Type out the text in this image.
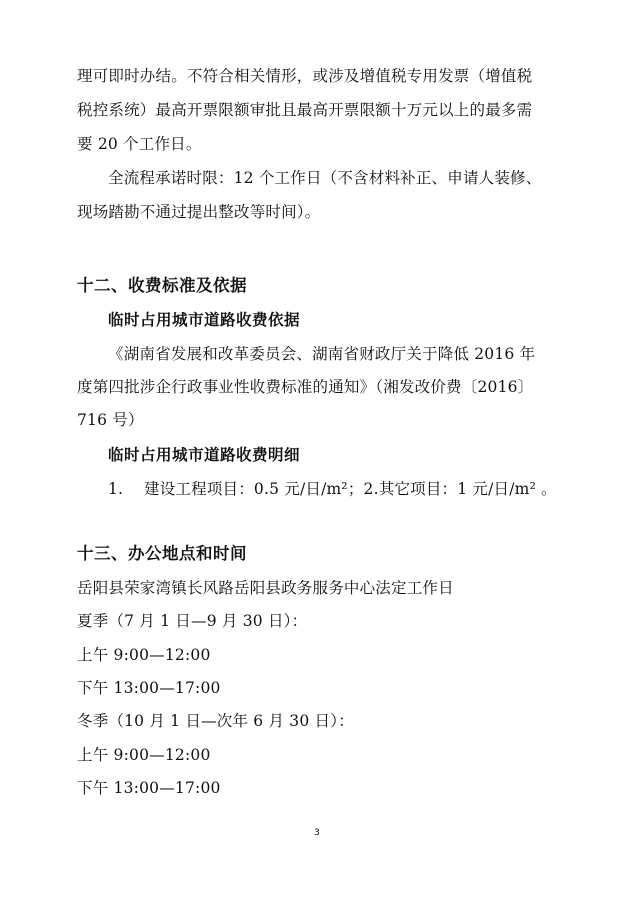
理可即时办结。不符合相关情形，或涉及增值税专用发票（增值税
税控系统）最高开票限额审批且最高开票限额十万元以上的最多需
要 20 个工作日。
全流程承诺时限：12 个工作日（不含材料补正、申请人装修、
现场踏勘不通过提出整改等时间）。
十二、收费标准及依据
临时占用城市道路收费依据
《湖南省发展和改革委员会、湖南省财政厅关于降低 2016 年
度第四批涉企行政事业性收费标准的通知》（湘发改价费〔2016〕
716 号）
临时占用城市道路收费明细
1.　 建设工程项目：0.5 元/日/m²；2.其它项目：1 元/日/m² 。
十三、办公地点和时间
岳阳县荣家湾镇长风路岳阳县政务服务中心法定工作日
夏季（7 月 1 日—9 月 30 日）：
上午 9:00—12:00
下午 13:00—17:00
冬季（10 月 1 日—次年 6 月 30 日）：
上午 9:00—12:00
下午 13:00—17:00
3
